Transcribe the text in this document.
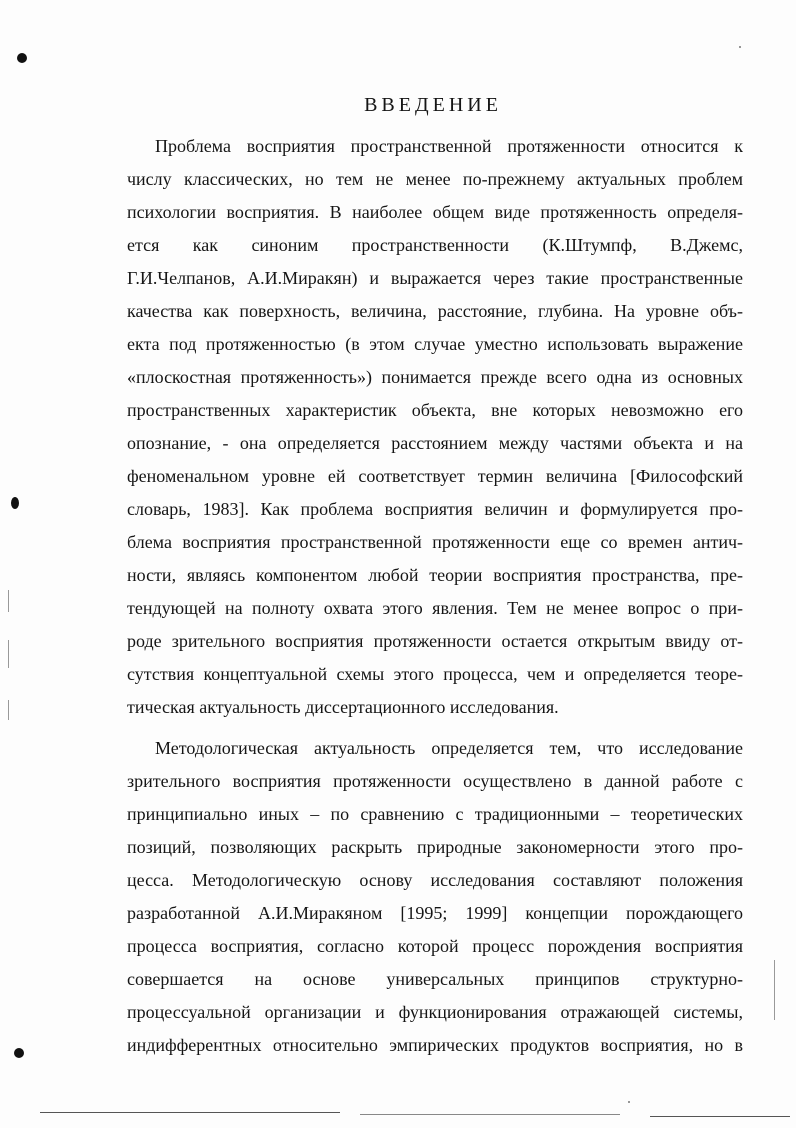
ВВЕДЕНИЕ
Проблема восприятия пространственной протяженности относится к
числу классических, но тем не менее по-прежнему актуальных проблем
психологии восприятия. В наиболее общем виде протяженность определя-
ется как синоним пространственности (К.Штумпф, В.Джемс,
Г.И.Челпанов, А.И.Миракян) и выражается через такие пространственные
качества как поверхность, величина, расстояние, глубина. На уровне объ-
екта под протяженностью (в этом случае уместно использовать выражение
«плоскостная протяженность») понимается прежде всего одна из основных
пространственных характеристик объекта, вне которых невозможно его
опознание, - она определяется расстоянием между частями объекта и на
феноменальном уровне ей соответствует термин величина [Философский
словарь, 1983]. Как проблема восприятия величин и формулируется про-
блема восприятия пространственной протяженности еще со времен антич-
ности, являясь компонентом любой теории восприятия пространства, пре-
тендующей на полноту охвата этого явления. Тем не менее вопрос о при-
роде зрительного восприятия протяженности остается открытым ввиду от-
сутствия концептуальной схемы этого процесса, чем и определяется теоре-
тическая актуальность диссертационного исследования.
Методологическая актуальность определяется тем, что исследование
зрительного восприятия протяженности осуществлено в данной работе с
принципиально иных – по сравнению с традиционными – теоретических
позиций, позволяющих раскрыть природные закономерности этого про-
цесса. Методологическую основу исследования составляют положения
разработанной А.И.Миракяном [1995; 1999] концепции порождающего
процесса восприятия, согласно которой процесс порождения восприятия
совершается на основе универсальных принципов структурно-
процессуальной организации и функционирования отражающей системы,
индифферентных относительно эмпирических продуктов восприятия, но в
